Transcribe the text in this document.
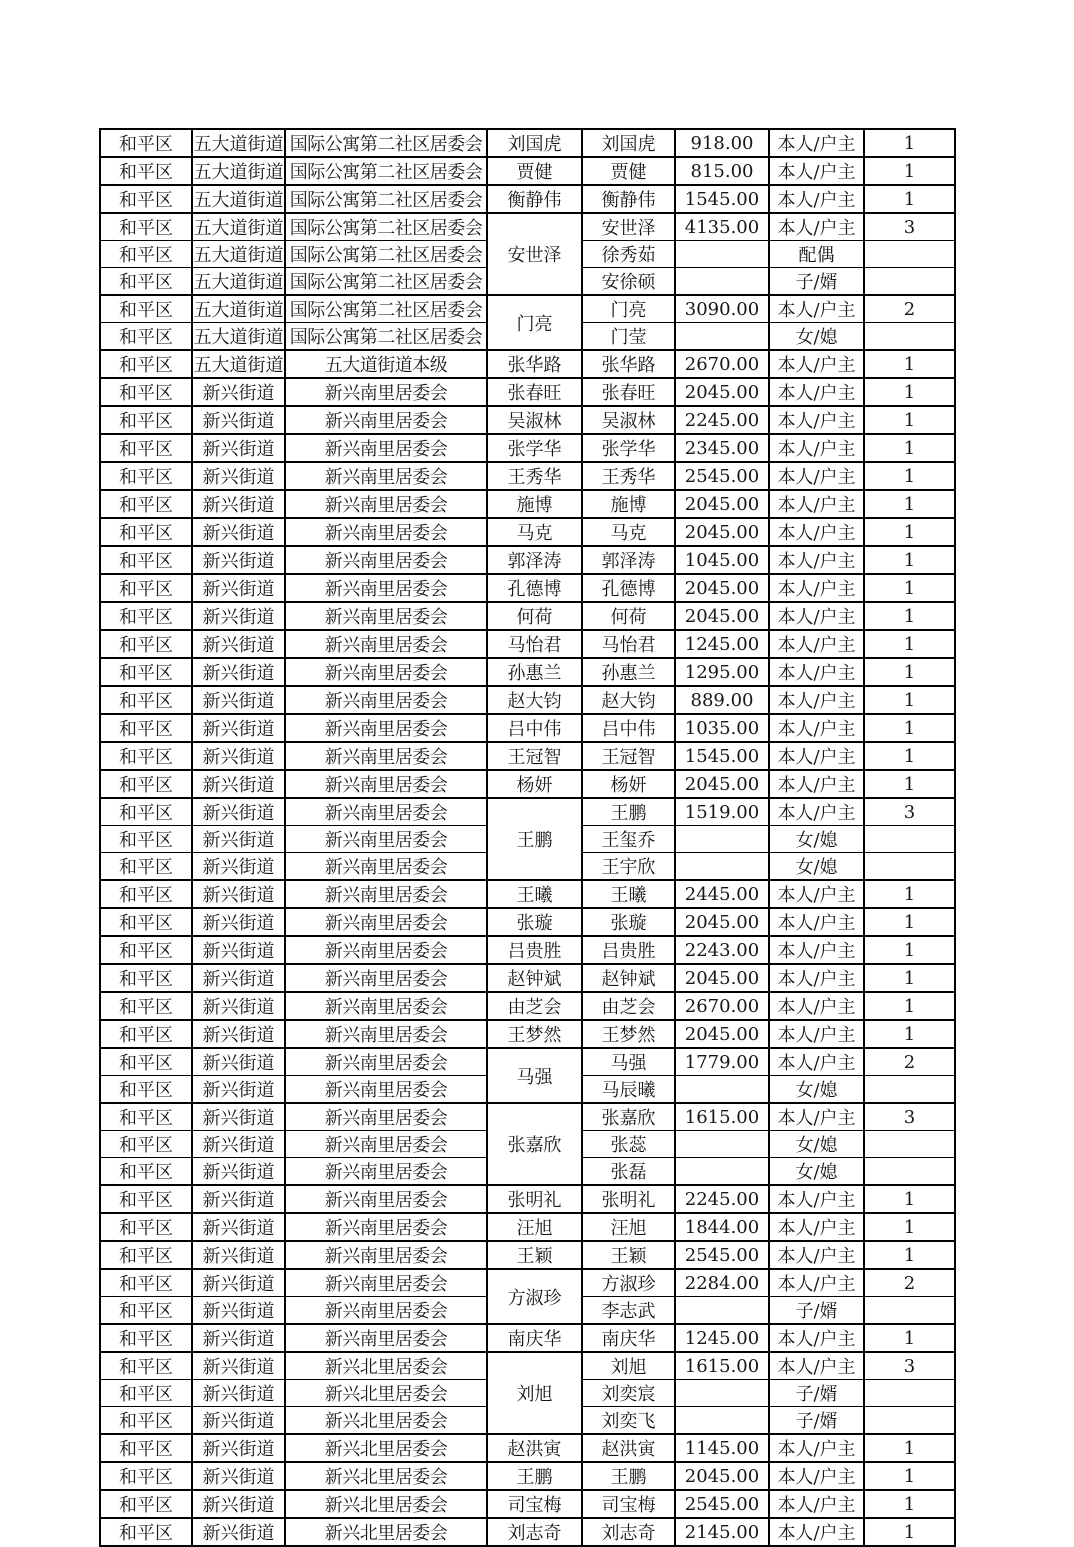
和平区	五大道街道	国际公寓第二社区居委会	刘国虎	刘国虎	918.00	本人/户主	1
和平区	五大道街道	国际公寓第二社区居委会	贾健	贾健	815.00	本人/户主	1
和平区	五大道街道	国际公寓第二社区居委会	衡静伟	衡静伟	1545.00	本人/户主	1
和平区	五大道街道	国际公寓第二社区居委会	安世泽	安世泽	4135.00	本人/户主	3
和平区	五大道街道	国际公寓第二社区居委会		徐秀茹		配偶	
和平区	五大道街道	国际公寓第二社区居委会		安徐硕		子/婿	
和平区	五大道街道	国际公寓第二社区居委会	门亮	门亮	3090.00	本人/户主	2
和平区	五大道街道	国际公寓第二社区居委会		门莹		女/媳	
和平区	五大道街道	五大道街道本级	张华路	张华路	2670.00	本人/户主	1
和平区	新兴街道	新兴南里居委会	张春旺	张春旺	2045.00	本人/户主	1
和平区	新兴街道	新兴南里居委会	吴淑林	吴淑林	2245.00	本人/户主	1
和平区	新兴街道	新兴南里居委会	张学华	张学华	2345.00	本人/户主	1
和平区	新兴街道	新兴南里居委会	王秀华	王秀华	2545.00	本人/户主	1
和平区	新兴街道	新兴南里居委会	施博	施博	2045.00	本人/户主	1
和平区	新兴街道	新兴南里居委会	马克	马克	2045.00	本人/户主	1
和平区	新兴街道	新兴南里居委会	郭泽涛	郭泽涛	1045.00	本人/户主	1
和平区	新兴街道	新兴南里居委会	孔德博	孔德博	2045.00	本人/户主	1
和平区	新兴街道	新兴南里居委会	何荷	何荷	2045.00	本人/户主	1
和平区	新兴街道	新兴南里居委会	马怡君	马怡君	1245.00	本人/户主	1
和平区	新兴街道	新兴南里居委会	孙惠兰	孙惠兰	1295.00	本人/户主	1
和平区	新兴街道	新兴南里居委会	赵大钧	赵大钧	889.00	本人/户主	1
和平区	新兴街道	新兴南里居委会	吕中伟	吕中伟	1035.00	本人/户主	1
和平区	新兴街道	新兴南里居委会	王冠智	王冠智	1545.00	本人/户主	1
和平区	新兴街道	新兴南里居委会	杨妍	杨妍	2045.00	本人/户主	1
和平区	新兴街道	新兴南里居委会	王鹏	王鹏	1519.00	本人/户主	3
和平区	新兴街道	新兴南里居委会		王玺乔		女/媳	
和平区	新兴街道	新兴南里居委会		王宇欣		女/媳	
和平区	新兴街道	新兴南里居委会	王曦	王曦	2445.00	本人/户主	1
和平区	新兴街道	新兴南里居委会	张璇	张璇	2045.00	本人/户主	1
和平区	新兴街道	新兴南里居委会	吕贵胜	吕贵胜	2243.00	本人/户主	1
和平区	新兴街道	新兴南里居委会	赵钟斌	赵钟斌	2045.00	本人/户主	1
和平区	新兴街道	新兴南里居委会	由芝会	由芝会	2670.00	本人/户主	1
和平区	新兴街道	新兴南里居委会	王梦然	王梦然	2045.00	本人/户主	1
和平区	新兴街道	新兴南里居委会	马强	马强	1779.00	本人/户主	2
和平区	新兴街道	新兴南里居委会		马辰曦		女/媳	
和平区	新兴街道	新兴南里居委会	张嘉欣	张嘉欣	1615.00	本人/户主	3
和平区	新兴街道	新兴南里居委会		张蕊		女/媳	
和平区	新兴街道	新兴南里居委会		张磊		女/媳	
和平区	新兴街道	新兴南里居委会	张明礼	张明礼	2245.00	本人/户主	1
和平区	新兴街道	新兴南里居委会	汪旭	汪旭	1844.00	本人/户主	1
和平区	新兴街道	新兴南里居委会	王颖	王颖	2545.00	本人/户主	1
和平区	新兴街道	新兴南里居委会	方淑珍	方淑珍	2284.00	本人/户主	2
和平区	新兴街道	新兴南里居委会		李志武		子/婿	
和平区	新兴街道	新兴南里居委会	南庆华	南庆华	1245.00	本人/户主	1
和平区	新兴街道	新兴北里居委会	刘旭	刘旭	1615.00	本人/户主	3
和平区	新兴街道	新兴北里居委会		刘奕宸		子/婿	
和平区	新兴街道	新兴北里居委会		刘奕飞		子/婿	
和平区	新兴街道	新兴北里居委会	赵洪寅	赵洪寅	1145.00	本人/户主	1
和平区	新兴街道	新兴北里居委会	王鹏	王鹏	2045.00	本人/户主	1
和平区	新兴街道	新兴北里居委会	司宝梅	司宝梅	2545.00	本人/户主	1
和平区	新兴街道	新兴北里居委会	刘志奇	刘志奇	2145.00	本人/户主	1
